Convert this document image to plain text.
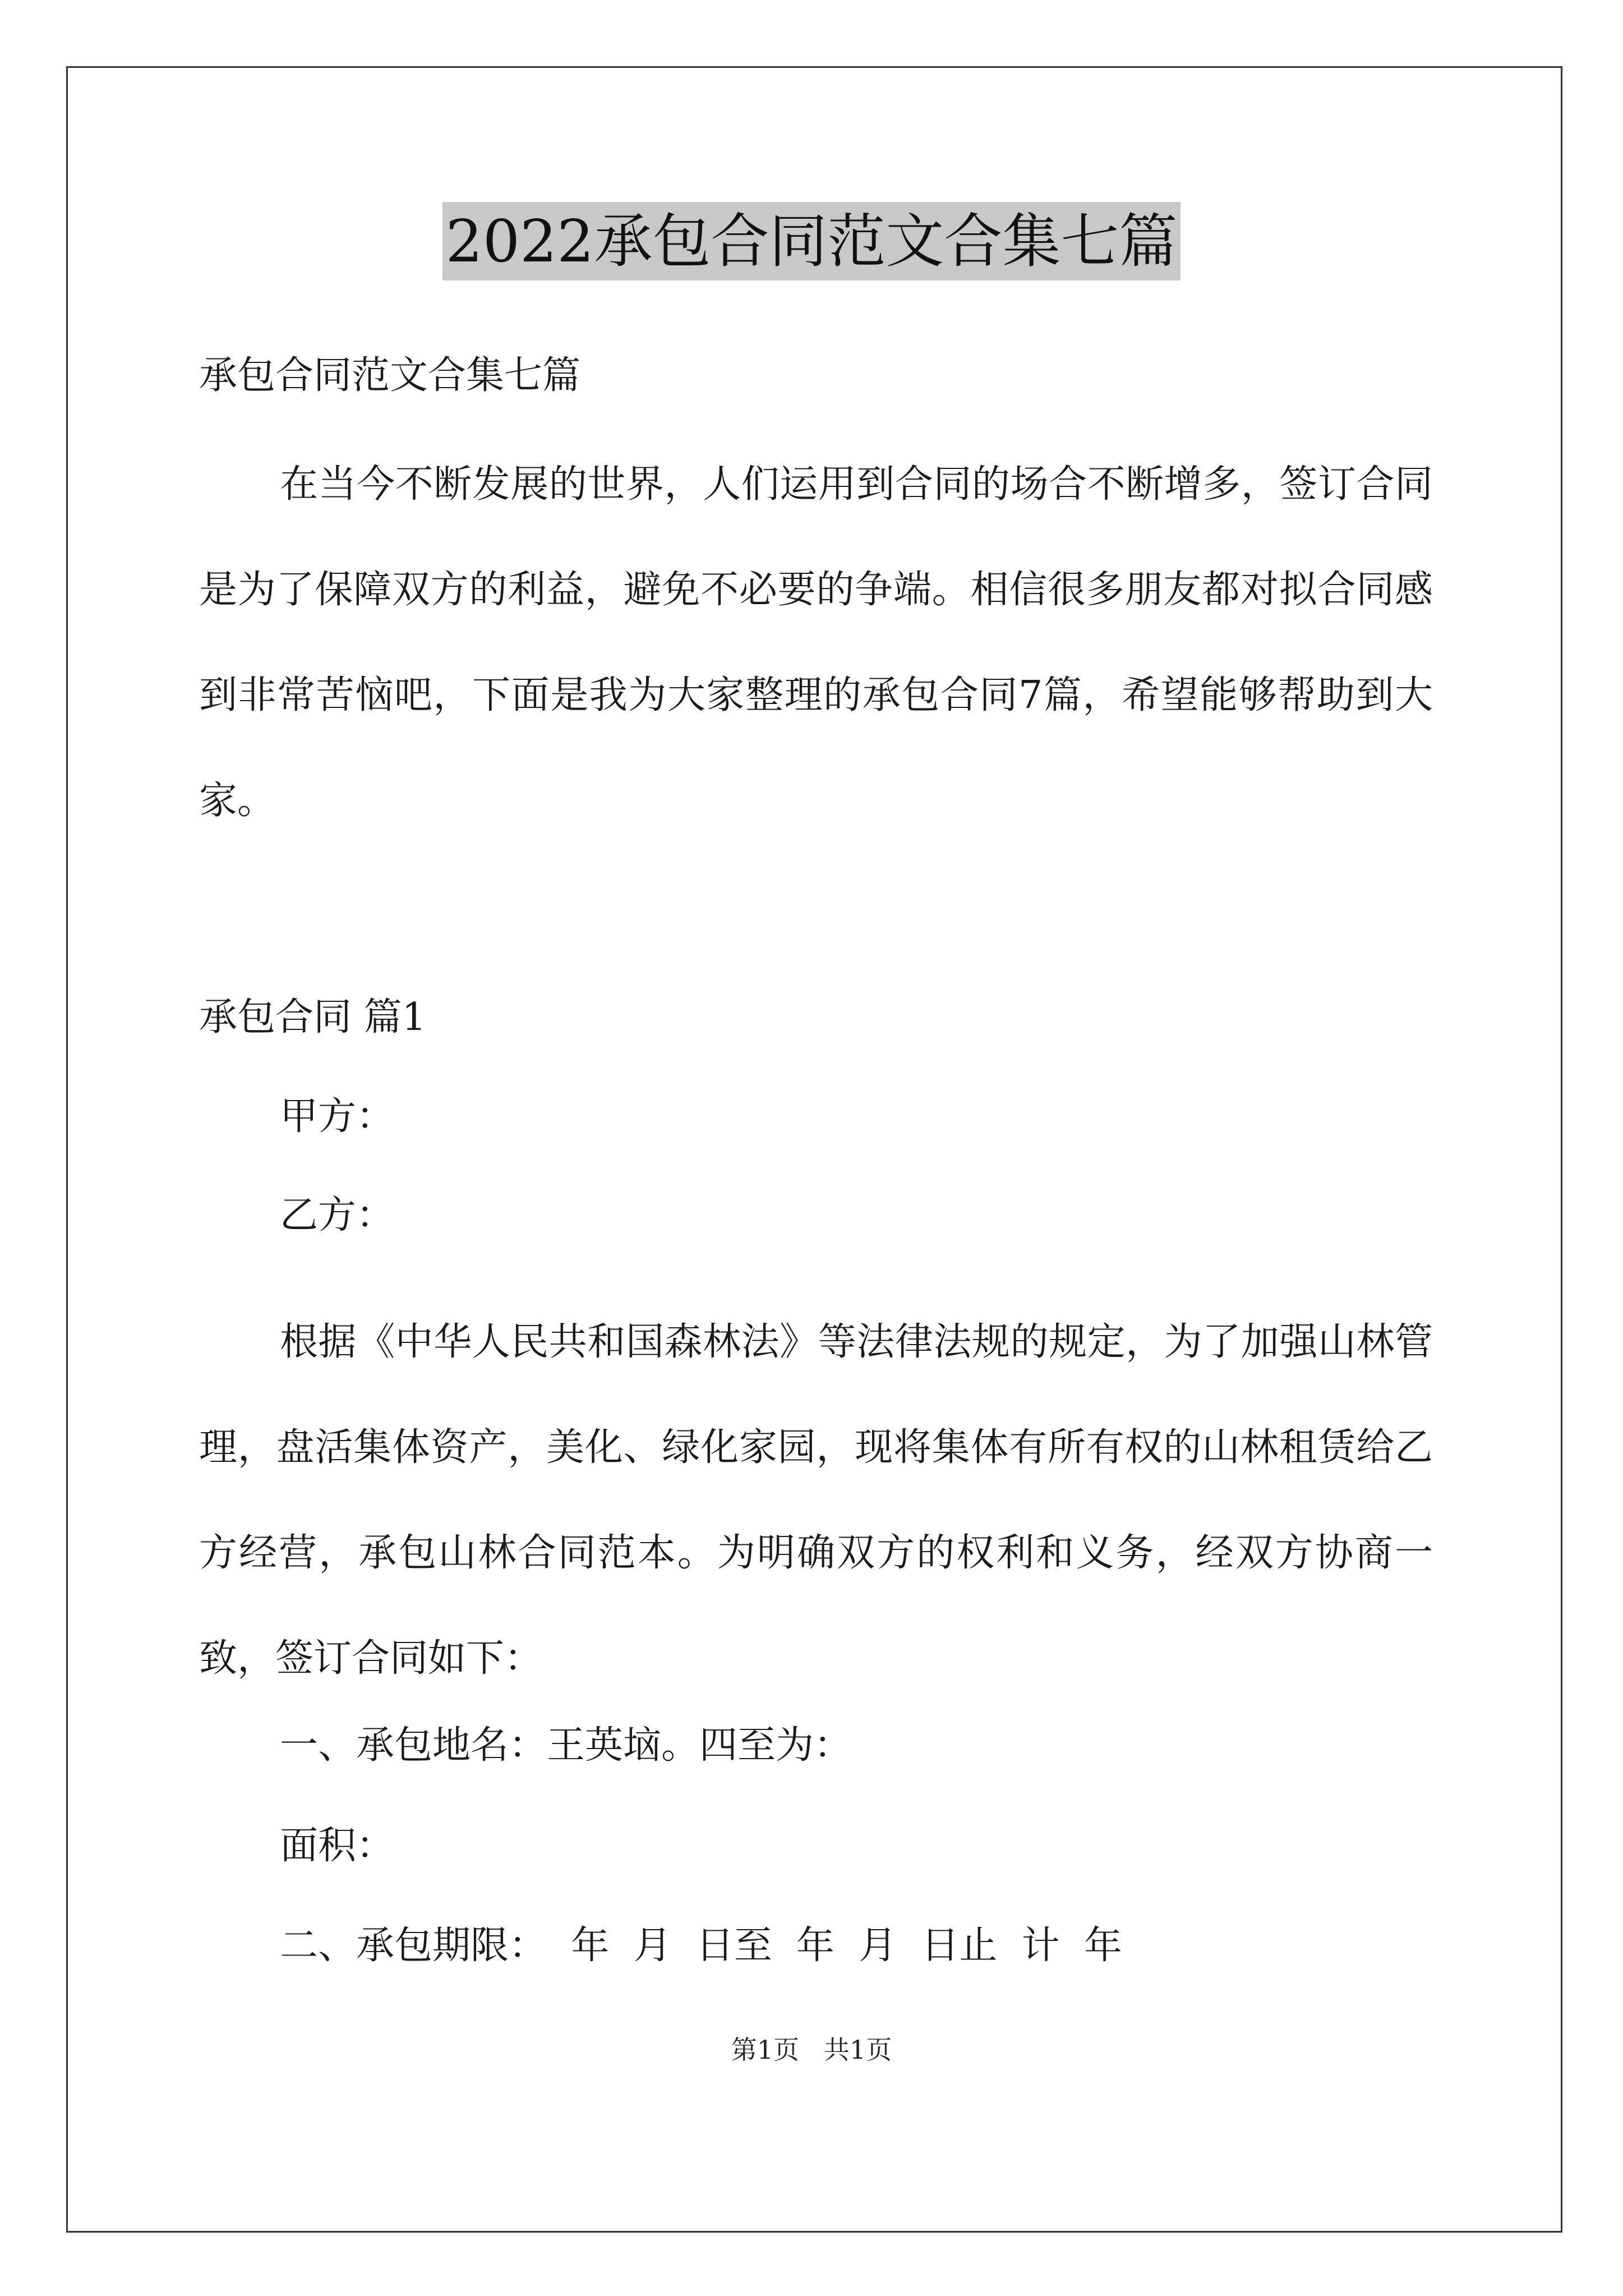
2022承包合同范文合集七篇

承包合同范文合集七篇

在当今不断发展的世界，人们运用到合同的场合不断增多，签订合同是为了保障双方的利益，避免不必要的争端。相信很多朋友都对拟合同感到非常苦恼吧，下面是我为大家整理的承包合同7篇，希望能够帮助到大家。

承包合同 篇1

甲方：

乙方：

根据《中华人民共和国森林法》等法律法规的规定，为了加强山林管理，盘活集体资产，美化、绿化家园，现将集体有所有权的山林租赁给乙方经营，承包山林合同范本。为明确双方的权利和义务，经双方协商一致，签订合同如下：

一、承包地名：王英垴。四至为：

面积：

二、承包期限：  年  月  日至  年  月  日止  计  年

第1页   共1页
